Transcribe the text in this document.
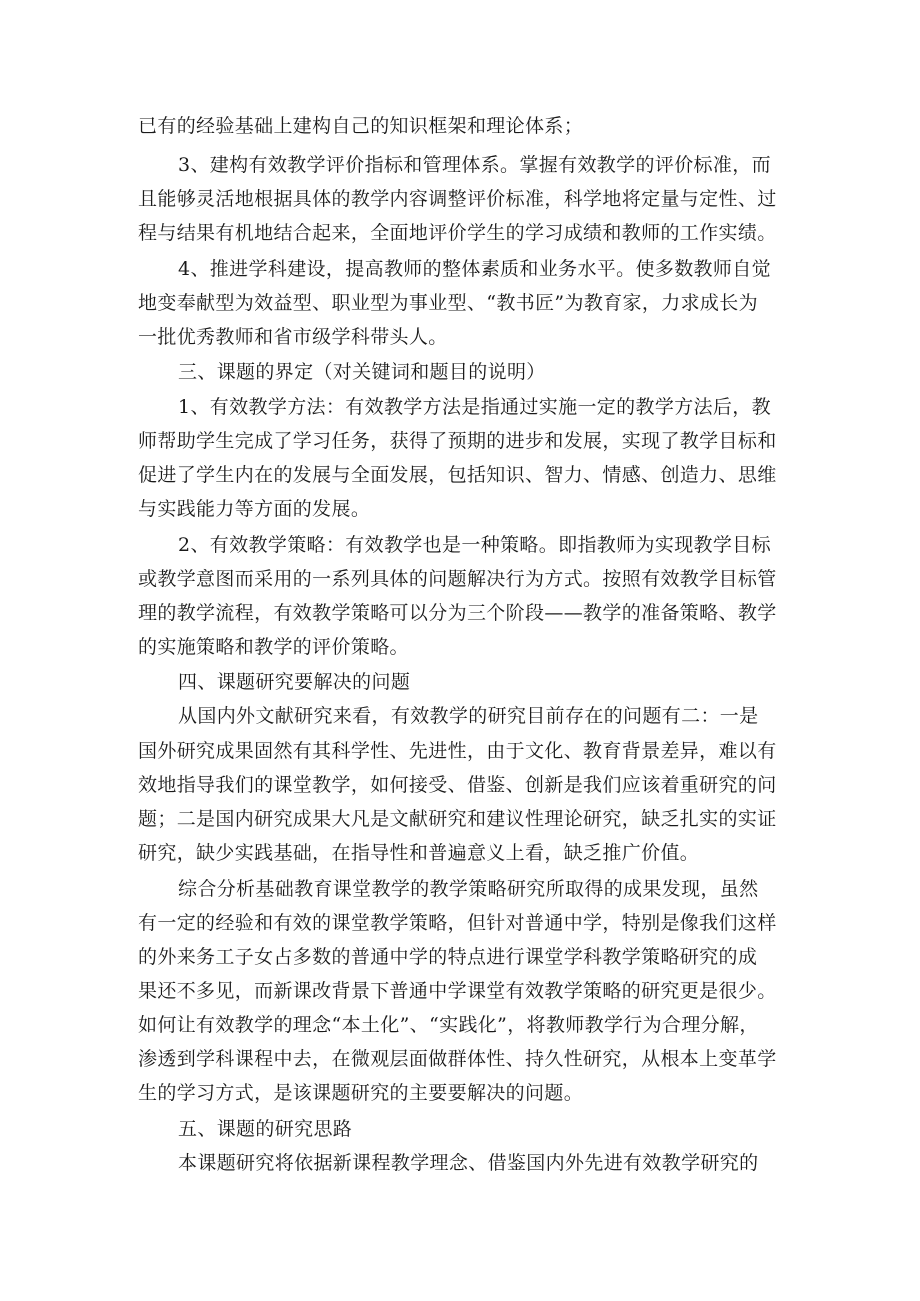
已有的经验基础上建构自己的知识框架和理论体系；
3、建构有效教学评价指标和管理体系。掌握有效教学的评价标准，而
且能够灵活地根据具体的教学内容调整评价标准，科学地将定量与定性、过
程与结果有机地结合起来，全面地评价学生的学习成绩和教师的工作实绩。
4、推进学科建设，提高教师的整体素质和业务水平。使多数教师自觉
地变奉献型为效益型、职业型为事业型、“教书匠”为教育家，力求成长为
一批优秀教师和省市级学科带头人。
三、课题的界定（对关键词和题目的说明）
1、有效教学方法：有效教学方法是指通过实施一定的教学方法后，教
师帮助学生完成了学习任务，获得了预期的进步和发展，实现了教学目标和
促进了学生内在的发展与全面发展，包括知识、智力、情感、创造力、思维
与实践能力等方面的发展。
2、有效教学策略：有效教学也是一种策略。即指教师为实现教学目标
或教学意图而采用的一系列具体的问题解决行为方式。按照有效教学目标管
理的教学流程，有效教学策略可以分为三个阶段——教学的准备策略、教学
的实施策略和教学的评价策略。
四、课题研究要解决的问题
从国内外文献研究来看，有效教学的研究目前存在的问题有二：一是
国外研究成果固然有其科学性、先进性，由于文化、教育背景差异，难以有
效地指导我们的课堂教学，如何接受、借鉴、创新是我们应该着重研究的问
题；二是国内研究成果大凡是文献研究和建议性理论研究，缺乏扎实的实证
研究，缺少实践基础，在指导性和普遍意义上看，缺乏推广价值。
综合分析基础教育课堂教学的教学策略研究所取得的成果发现，虽然
有一定的经验和有效的课堂教学策略，但针对普通中学，特别是像我们这样
的外来务工子女占多数的普通中学的特点进行课堂学科教学策略研究的成
果还不多见，而新课改背景下普通中学课堂有效教学策略的研究更是很少。
如何让有效教学的理念“本土化”、“实践化”，将教师教学行为合理分解，
渗透到学科课程中去，在微观层面做群体性、持久性研究，从根本上变革学
生的学习方式，是该课题研究的主要要解决的问题。
五、课题的研究思路
本课题研究将依据新课程教学理念、借鉴国内外先进有效教学研究的
